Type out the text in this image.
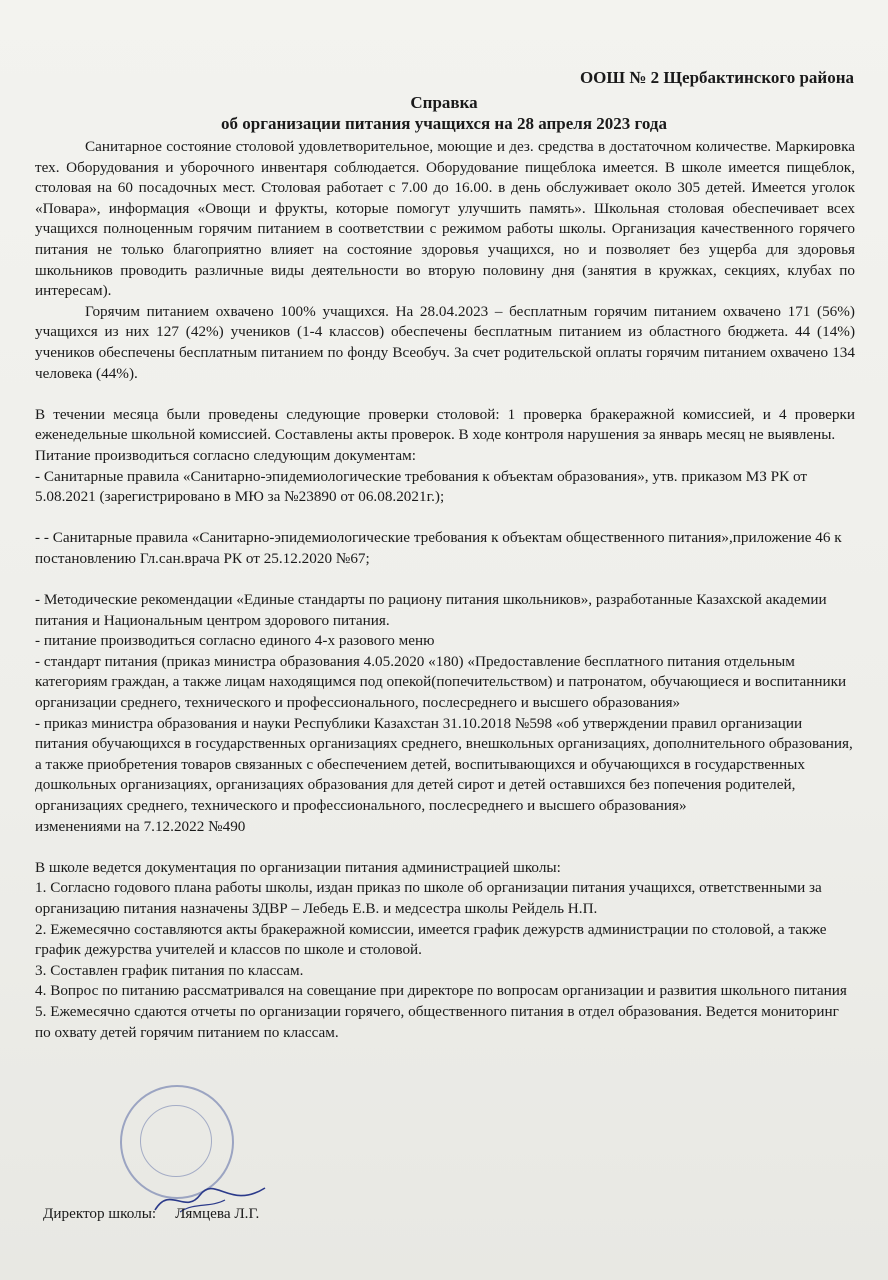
ООШ № 2 Щербактинского района
Справка
об организации питания учащихся на 28 апреля 2023 года

Санитарное состояние столовой удовлетворительное, моющие и дез. средства в достаточном количестве. Маркировка тех. Оборудования и уборочного инвентаря соблюдается. Оборудование пищеблока имеется. В школе имеется пищеблок, столовая на 60 посадочных мест. Столовая работает с 7.00 до 16.00. в день обслуживает около 305 детей. Имеется уголок «Повара», информация «Овощи и фрукты, которые помогут улучшить память». Школьная столовая обеспечивает всех учащихся полноценным горячим питанием в соответствии с режимом работы школы. Организация качественного горячего питания не только благоприятно влияет на состояние здоровья учащихся, но и позволяет без ущерба для здоровья школьников проводить различные виды деятельности во вторую половину дня (занятия в кружках, секциях, клубах по интересам).

Горячим питанием охвачено 100% учащихся. На 28.04.2023 – бесплатным горячим питанием охвачено 171 (56%) учащихся из них 127 (42%) учеников (1-4 классов) обеспечены бесплатным питанием из областного бюджета. 44 (14%) учеников обеспечены бесплатным питанием по фонду Всеобуч. За счет родительской оплаты горячим питанием охвачено 134 человека (44%).

В течении месяца были проведены следующие проверки столовой: 1 проверка бракеражной комиссией, и 4 проверки еженедельные школьной комиссией. Составлены акты проверок. В ходе контроля нарушения за январь месяц не выявлены.

Питание производиться согласно следующим документам:

- Санитарные правила «Санитарно-эпидемиологические требования к объектам образования», утв. приказом МЗ РК от 5.08.2021 (зарегистрировано в МЮ за №23890 от 06.08.2021г.);

- - Санитарные правила «Санитарно-эпидемиологические требования к объектам общественного питания»,приложение 46 к постановлению Гл.сан.врача РК от 25.12.2020 №67;

- Методические рекомендации «Единые стандарты по рациону питания школьников», разработанные Казахской академии питания и Национальным центром здорового питания.

- питание производиться согласно единого 4-х разового меню

- стандарт питания (приказ министра образования 4.05.2020 «180) «Предоставление бесплатного питания отдельным категориям граждан, а также лицам находящимся под опекой(попечительством) и патронатом, обучающиеся и воспитанники организации среднего, технического и профессионального, послесреднего и высшего образования»

- приказ министра образования и науки Республики Казахстан 31.10.2018 №598 «об утверждении правил организации питания обучающихся в государственных организациях среднего, внешкольных организациях, дополнительного образования, а также приобретения товаров связанных с обеспечением детей, воспитывающихся и обучающихся в государственных дошкольных организациях, организациях образования для детей сирот и детей оставшихся без попечения родителей, организациях среднего, технического и профессионального, послесреднего и высшего образования»

изменениями на 7.12.2022 №490

В школе ведется документация по организации питания администрацией школы:

1. Согласно годового плана работы школы, издан приказ по школе об организации питания учащихся, ответственными за организацию питания назначены ЗДВР – Лебедь Е.В. и медсестра школы Рейдель Н.П.

2. Ежемесячно составляются акты бракеражной комиссии, имеется график дежурств администрации по столовой, а также график дежурства учителей и классов по школе и столовой.

3. Составлен график питания по классам.

4. Вопрос по питанию рассматривался на совещание при директоре по вопросам организации и развития школьного питания

5. Ежемесячно сдаются отчеты по организации горячего, общественного питания в отдел образования. Ведется мониторинг по охвату детей горячим питанием по классам.

Директор школы: Лямцева Л.Г.
